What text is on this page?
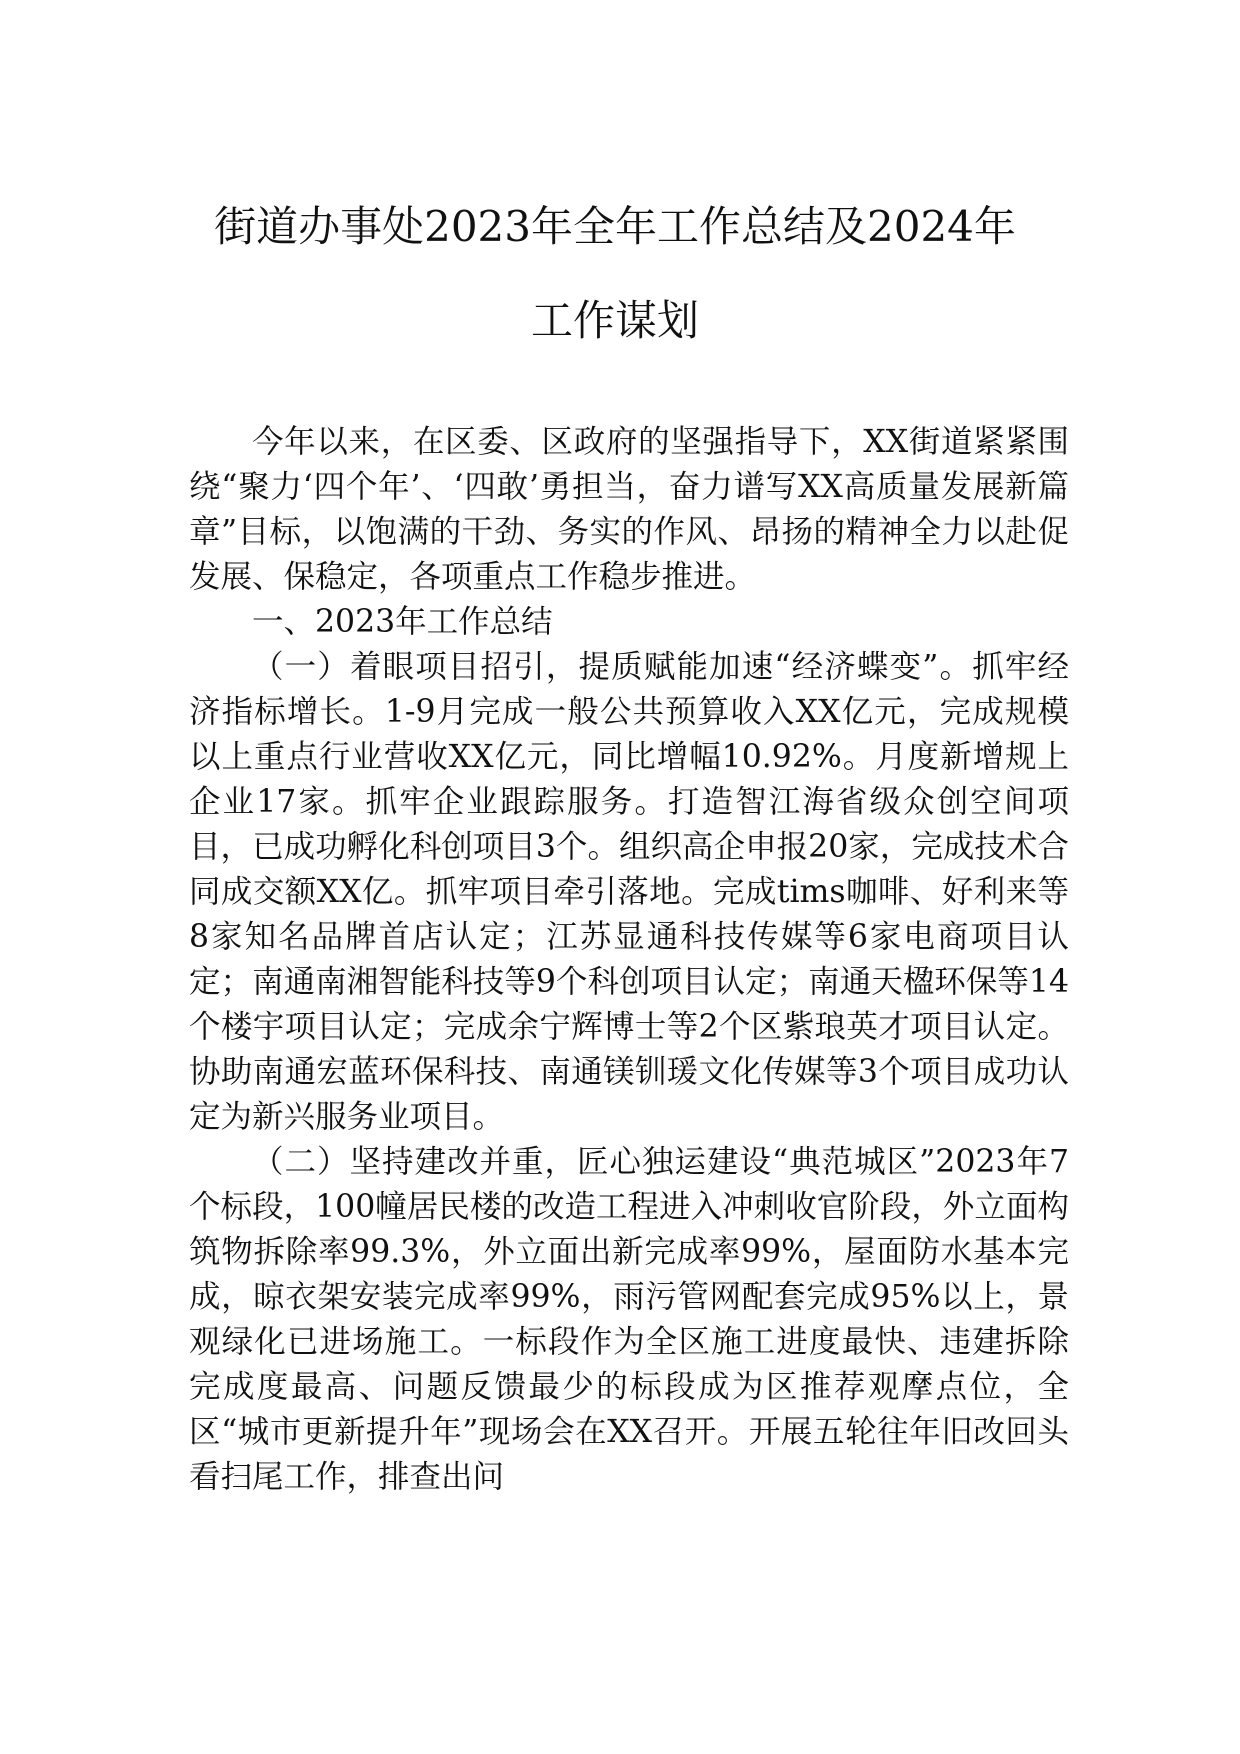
街道办事处2023年全年工作总结及2024年
工作谋划

今年以来，在区委、区政府的坚强指导下，XX街道紧紧围绕“聚力‘四个年’、‘四敢’勇担当，奋力谱写XX高质量发展新篇章”目标，以饱满的干劲、务实的作风、昂扬的精神全力以赴促发展、保稳定，各项重点工作稳步推进。

一、2023年工作总结

（一）着眼项目招引，提质赋能加速“经济蝶变”。抓牢经济指标增长。1-9月完成一般公共预算收入XX亿元，完成规模以上重点行业营收XX亿元，同比增幅10.92%。月度新增规上企业17家。抓牢企业跟踪服务。打造智江海省级众创空间项目，已成功孵化科创项目3个。组织高企申报20家，完成技术合同成交额XX亿。抓牢项目牵引落地。完成tims咖啡、好利来等8家知名品牌首店认定；江苏显通科技传媒等6家电商项目认定；南通南湘智能科技等9个科创项目认定；南通天楹环保等14个楼宇项目认定；完成余宁辉博士等2个区紫琅英才项目认定。协助南通宏蓝环保科技、南通镁钏瑗文化传媒等3个项目成功认定为新兴服务业项目。

（二）坚持建改并重，匠心独运建设“典范城区”2023年7个标段，100幢居民楼的改造工程进入冲刺收官阶段，外立面构筑物拆除率99.3%，外立面出新完成率99%，屋面防水基本完成，晾衣架安装完成率99%，雨污管网配套完成95%以上，景观绿化已进场施工。一标段作为全区施工进度最快、违建拆除完成度最高、问题反馈最少的标段成为区推荐观摩点位，全区“城市更新提升年”现场会在XX召开。开展五轮往年旧改回头看扫尾工作，排查出问
